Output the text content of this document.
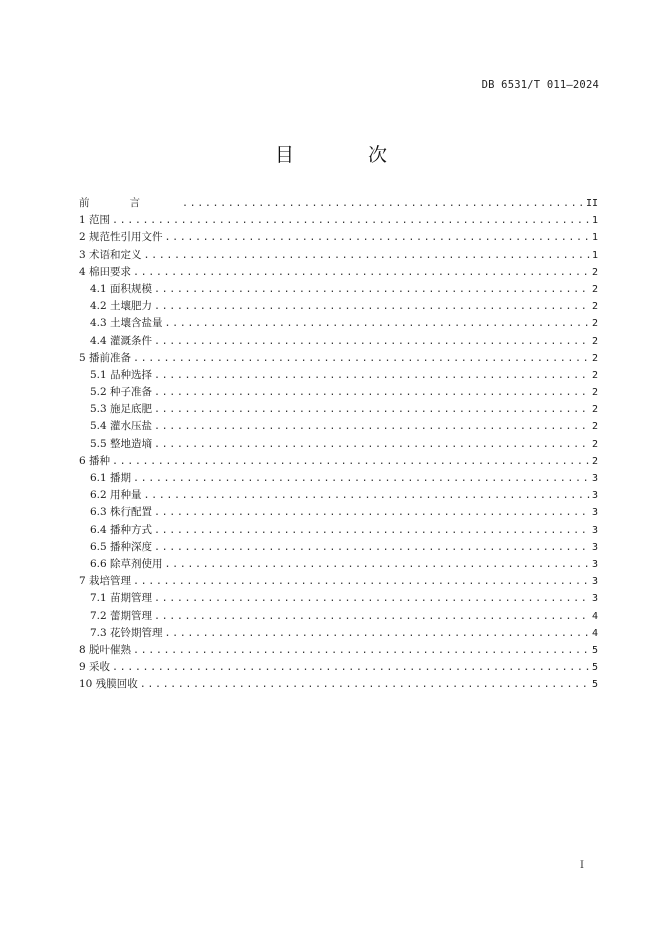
DB 6531/T 011—2024
目 次
前言 .....	II
1 范围 .....	1
2 规范性引用文件 .....	1
3 术语和定义 .....	1
4 棉田要求 .....	2
4.1 面积规模 .....	2
4.2 土壤肥力 .....	2
4.3 土壤含盐量 .....	2
4.4 灌溉条件 .....	2
5 播前准备 .....	2
5.1 品种选择 .....	2
5.2 种子准备 .....	2
5.3 施足底肥 .....	2
5.4 灌水压盐 .....	2
5.5 整地造墒 .....	2
6 播种 .....	2
6.1 播期 .....	3
6.2 用种量 .....	3
6.3 株行配置 .....	3
6.4 播种方式 .....	3
6.5 播种深度 .....	3
6.6 除草剂使用 .....	3
7 栽培管理 .....	3
7.1 苗期管理 .....	3
7.2 蕾期管理 .....	4
7.3 花铃期管理 .....	4
8 脱叶催熟 .....	5
9 采收 .....	5
10 残膜回收 .....	5
I
